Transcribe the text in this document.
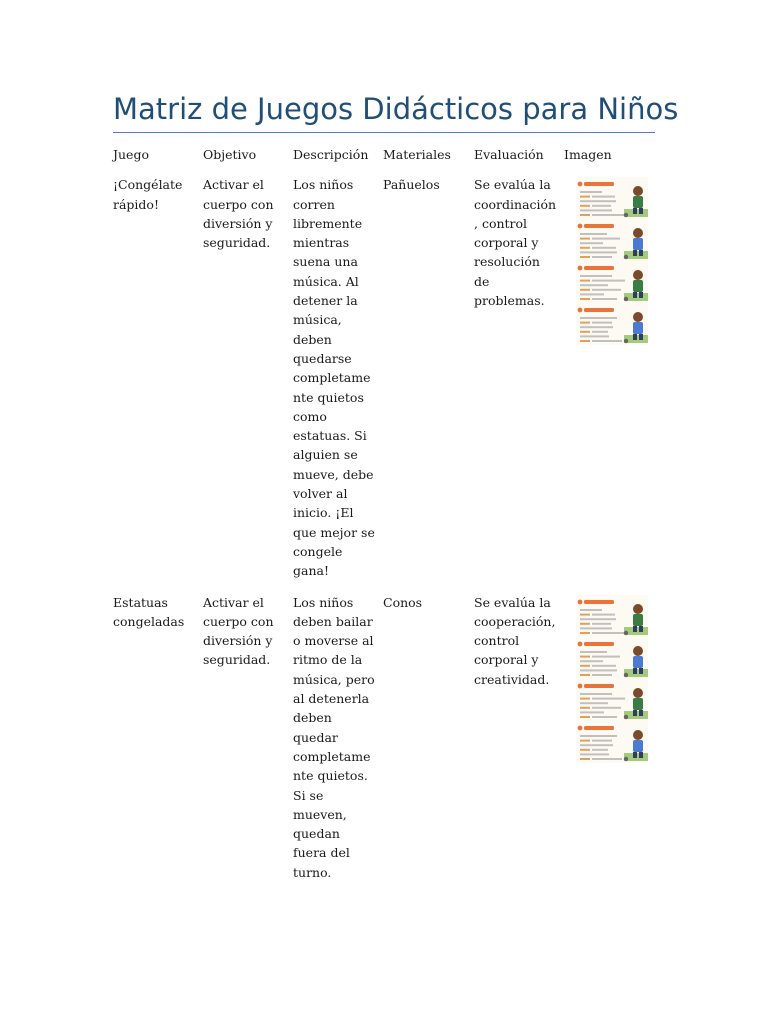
Matriz de Juegos Didácticos para Niños
Juego	Objetivo	Descripción	Materiales	Evaluación	Imagen
¡Congélate rápido!	Activar el cuerpo con diversión y seguridad.	Los niños corren libremente mientras suena una música. Al detener la música, deben quedarse completamente quietos como estatuas. Si alguien se mueve, debe volver al inicio. ¡El que mejor se congele gana!	Pañuelos	Se evalúa la coordinación, control corporal y resolución de problemas.	

Estatuas congeladas	Activar el cuerpo con diversión y seguridad.	Los niños deben bailar o moverse al ritmo de la música, pero al detenerla deben quedar completamente quietos. Si se mueven, quedan fuera del turno.	Conos	Se evalúa la cooperación, control corporal y creatividad.	
